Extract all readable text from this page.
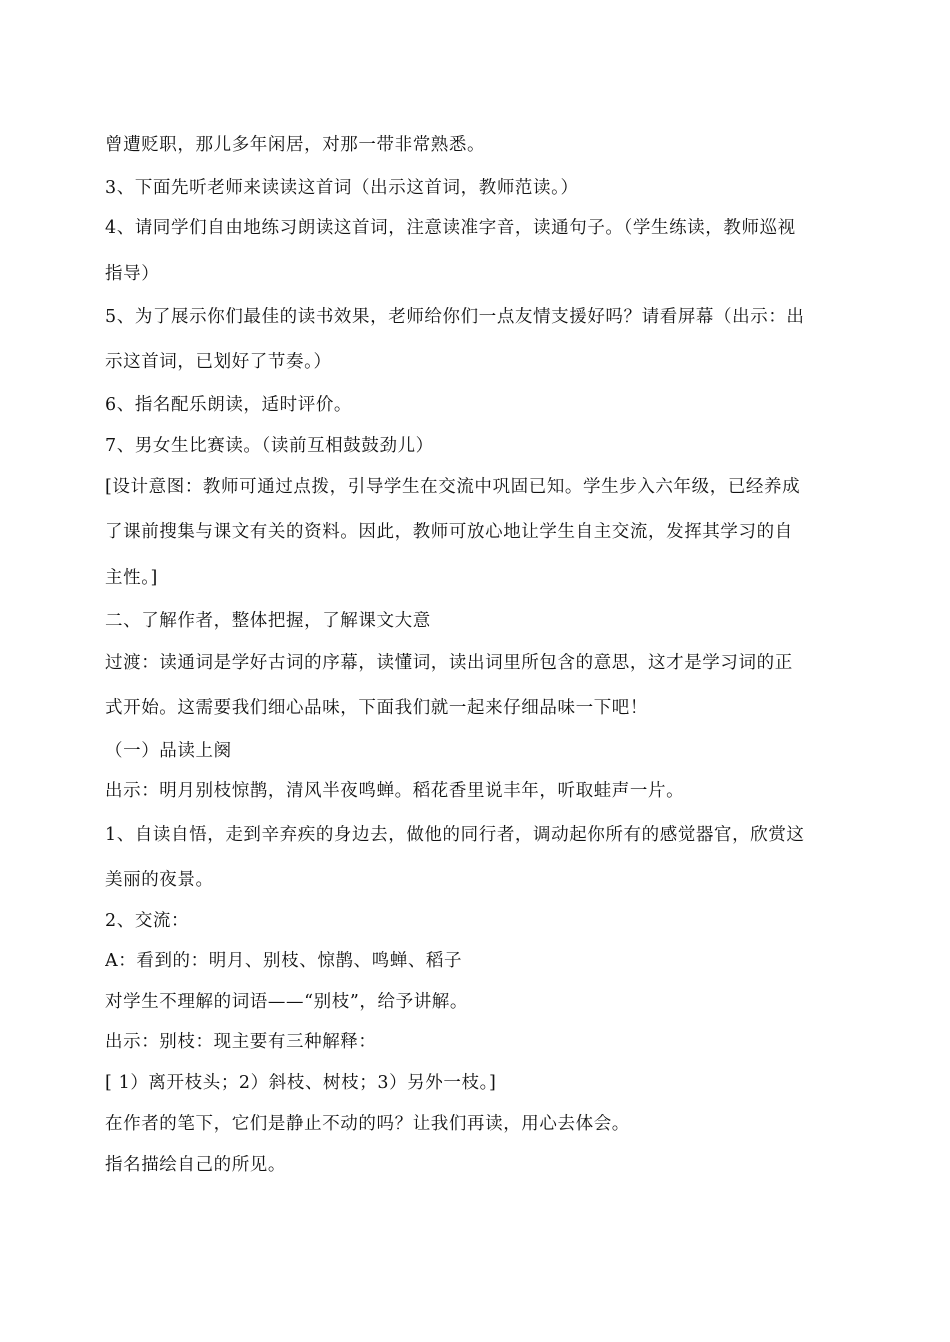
曾遭贬职，那儿多年闲居，对那一带非常熟悉。
3、下面先听老师来读读这首词（出示这首词，教师范读。）
4、请同学们自由地练习朗读这首词，注意读准字音，读通句子。（学生练读，教师巡视
指导）
5、为了展示你们最佳的读书效果，老师给你们一点友情支援好吗？请看屏幕（出示：出
示这首词，已划好了节奏。）
6、指名配乐朗读，适时评价。
7、男女生比赛读。（读前互相鼓鼓劲儿）
[设计意图：教师可通过点拨，引导学生在交流中巩固已知。学生步入六年级，已经养成
了课前搜集与课文有关的资料。因此，教师可放心地让学生自主交流，发挥其学习的自
主性。]
二、了解作者，整体把握，了解课文大意
过渡：读通词是学好古词的序幕，读懂词，读出词里所包含的意思，这才是学习词的正
式开始。这需要我们细心品味，下面我们就一起来仔细品味一下吧！
（一）品读上阕
出示：明月别枝惊鹊，清风半夜鸣蝉。稻花香里说丰年，听取蛙声一片。
1、自读自悟，走到辛弃疾的身边去，做他的同行者，调动起你所有的感觉器官，欣赏这
美丽的夜景。
2、交流：
A：看到的：明月、别枝、惊鹊、鸣蝉、稻子
对学生不理解的词语——“别枝”，给予讲解。
出示：别枝：现主要有三种解释：
[ 1）离开枝头；2）斜枝、树枝；3）另外一枝。]
在作者的笔下，它们是静止不动的吗？让我们再读，用心去体会。
指名描绘自己的所见。
